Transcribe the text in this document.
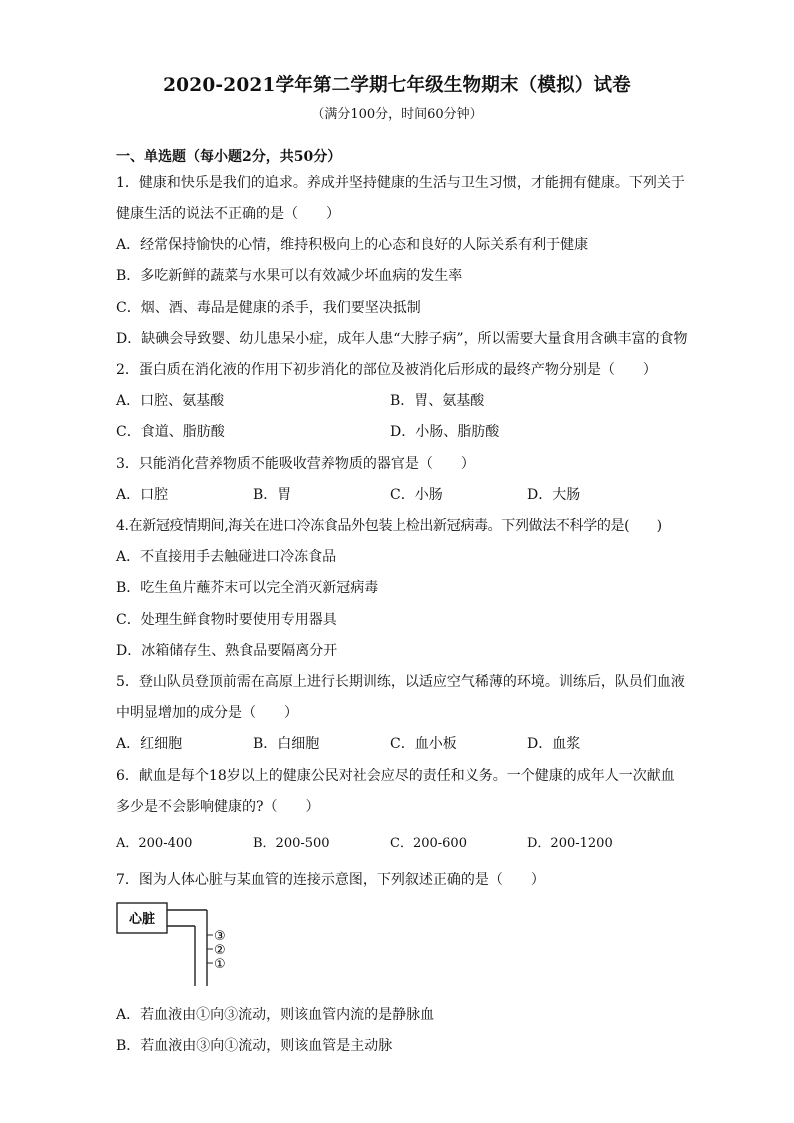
2020-2021学年第二学期七年级生物期末（模拟）试卷
（满分100分，时间60分钟）
一、单选题（每小题2分，共50分）
1．健康和快乐是我们的追求。养成并坚持健康的生活与卫生习惯，才能拥有健康。下列关于
健康生活的说法不正确的是（　　）
A．经常保持愉快的心情，维持积极向上的心态和良好的人际关系有利于健康
B．多吃新鲜的蔬菜与水果可以有效减少坏血病的发生率
C．烟、酒、毒品是健康的杀手，我们要坚决抵制
D．缺碘会导致婴、幼儿患呆小症，成年人患“大脖子病”，所以需要大量食用含碘丰富的食物
2．蛋白质在消化液的作用下初步消化的部位及被消化后形成的最终产物分别是（　　）
A．口腔、氨基酸	B．胃、氨基酸
C．食道、脂肪酸	D．小肠、脂肪酸
3．只能消化营养物质不能吸收营养物质的器官是（　　）
A．口腔	B．胃	C．小肠	D．大肠
4.在新冠疫情期间,海关在进口冷冻食品外包装上检出新冠病毒。下列做法不科学的是(　　)
A．不直接用手去触碰进口冷冻食品
B．吃生鱼片蘸芥末可以完全消灭新冠病毒
C．处理生鲜食物时要使用专用器具
D．冰箱储存生、熟食品要隔离分开
5．登山队员登顶前需在高原上进行长期训练，以适应空气稀薄的环境。训练后，队员们血液
中明显增加的成分是（　　）
A．红细胞	B．白细胞	C．血小板	D．血浆
6．献血是每个18岁以上的健康公民对社会应尽的责任和义务。一个健康的成年人一次献血
多少是不会影响健康的?（　　）
A．200-400	B．200-500	C．200-600	D．200-1200
7．图为人体心脏与某血管的连接示意图，下列叙述正确的是（　　）
心脏
③
②
①
A．若血液由①向③流动，则该血管内流的是静脉血
B．若血液由③向①流动，则该血管是主动脉
